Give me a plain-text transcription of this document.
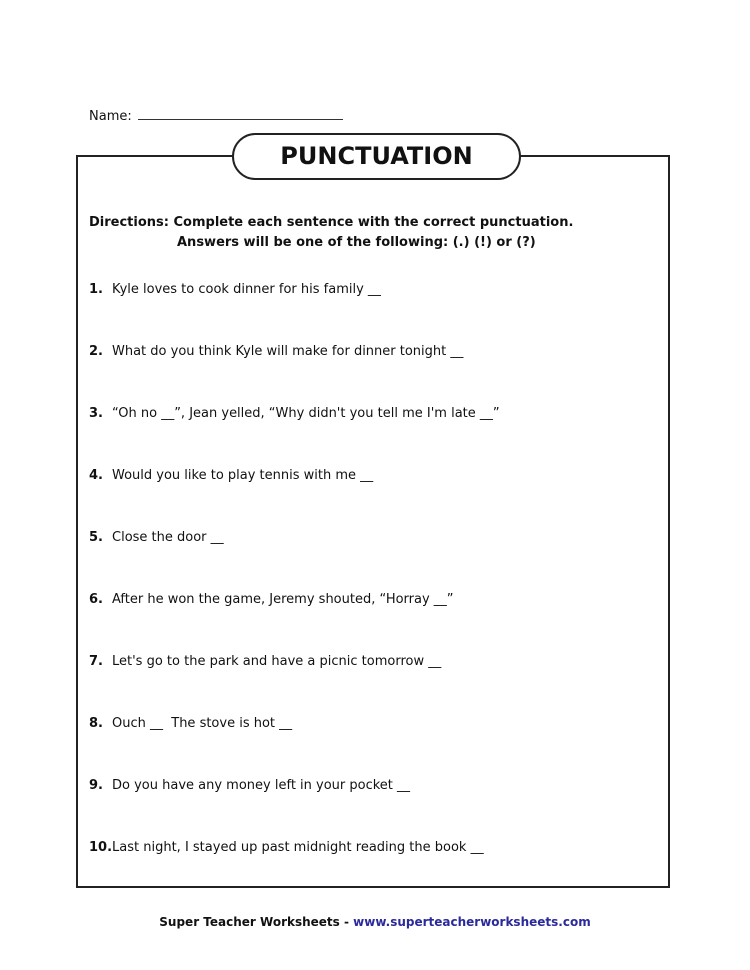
Name:
PUNCTUATION
Directions: Complete each sentence with the correct punctuation.
Answers will be one of the following: (.) (!) or (?)
1. Kyle loves to cook dinner for his family __
2. What do you think Kyle will make for dinner tonight __
3. “Oh no __”, Jean yelled, “Why didn't you tell me I'm late __”
4. Would you like to play tennis with me __
5. Close the door __
6. After he won the game, Jeremy shouted, “Horray __”
7. Let's go to the park and have a picnic tomorrow __
8. Ouch __  The stove is hot __
9. Do you have any money left in your pocket __
10.Last night, I stayed up past midnight reading the book __
Super Teacher Worksheets - www.superteacherworksheets.com
